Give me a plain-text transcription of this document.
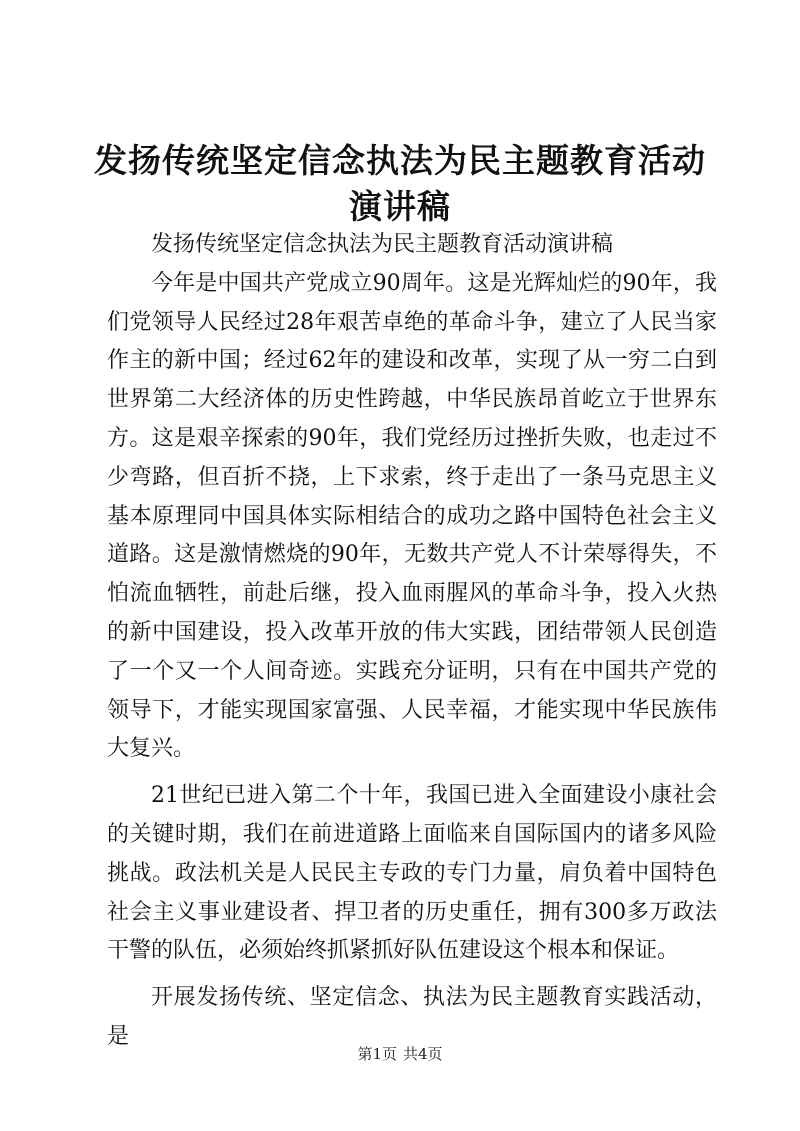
发扬传统坚定信念执法为民主题教育活动演讲稿

发扬传统坚定信念执法为民主题教育活动演讲稿

今年是中国共产党成立90周年。这是光辉灿烂的90年，我们党领导人民经过28年艰苦卓绝的革命斗争，建立了人民当家作主的新中国；经过62年的建设和改革，实现了从一穷二白到世界第二大经济体的历史性跨越，中华民族昂首屹立于世界东方。这是艰辛探索的90年，我们党经历过挫折失败，也走过不少弯路，但百折不挠，上下求索，终于走出了一条马克思主义基本原理同中国具体实际相结合的成功之路中国特色社会主义道路。这是激情燃烧的90年，无数共产党人不计荣辱得失，不怕流血牺牲，前赴后继，投入血雨腥风的革命斗争，投入火热的新中国建设，投入改革开放的伟大实践，团结带领人民创造了一个又一个人间奇迹。实践充分证明，只有在中国共产党的领导下，才能实现国家富强、人民幸福，才能实现中华民族伟大复兴。

21世纪已进入第二个十年，我国已进入全面建设小康社会的关键时期，我们在前进道路上面临来自国际国内的诸多风险挑战。政法机关是人民民主专政的专门力量，肩负着中国特色社会主义事业建设者、捍卫者的历史重任，拥有300多万政法干警的队伍，必须始终抓紧抓好队伍建设这个根本和保证。

开展发扬传统、坚定信念、执法为民主题教育实践活动，是

第1页 共4页
